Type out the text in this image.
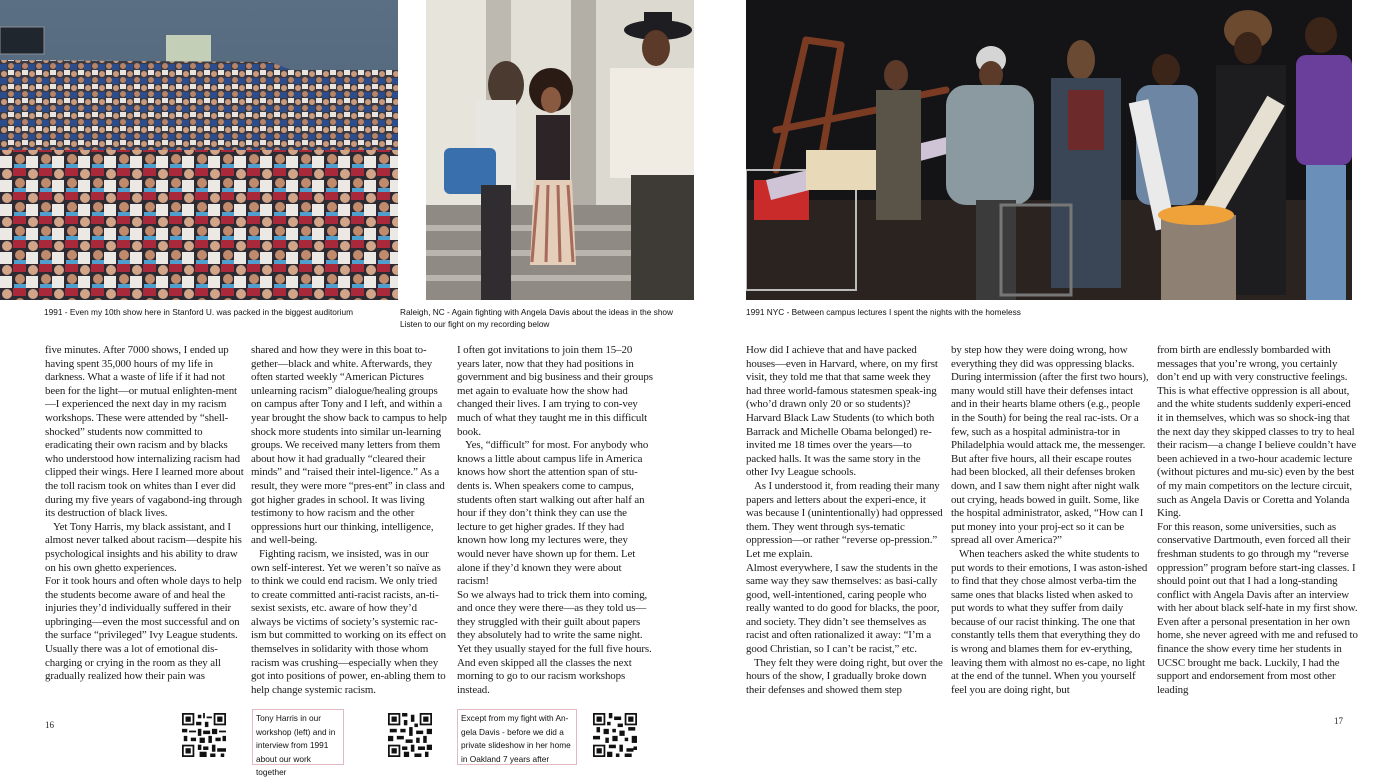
1991 - Even my 10th show here in Stanford U. was packed in the biggest auditorium	Raleigh, NC - Again fighting with Angela Davis about the ideas in the show
Listen to our fight on my recording below
1991 NYC - Between campus lectures I spent the nights with the homeless

five minutes. After 7000 shows, I ended up having spent 35,000 hours of my life in darkness. What a waste of life if it had not been for the light—or mutual enlighten-ment—I experienced the next day in my racism workshops. These were attended by “shell-shocked” students now committed to eradicating their own racism and by blacks who understood how internalizing racism had clipped their wings. Here I learned more about the toll racism took on whites than I ever did during my five years of vagabond-ing through its destruction of black lives.

Yet Tony Harris, my black assistant, and I almost never talked about racism—despite his psychological insights and his ability to draw on his own ghetto experiences.

For it took hours and often whole days to help the students become aware of and heal the injuries they’d individually suffered in their upbringing—even the most successful and on the surface “privileged” Ivy League students.

Usually there was a lot of emotional dis-charging or crying in the room as they all gradually realized how their pain was

shared and how they were in this boat to-gether—black and white. Afterwards, they often started weekly “American Pictures unlearning racism” dialogue/healing groups on campus after Tony and I left, and within a year brought the show back to campus to help shock more students into similar un-learning groups. We received many letters from them about how it had gradually “cleared their minds” and “raised their intel-ligence.” As a result, they were more “pres-ent” in class and got higher grades in school. It was living testimony to how racism and the other oppressions hurt our thinking, intelligence, and well-being.

Fighting racism, we insisted, was in our own self-interest. Yet we weren’t so naïve as to think we could end racism. We only tried to create committed anti-racist racists, an-ti-sexist sexists, etc. aware of how they’d always be victims of society’s systemic rac-ism but committed to working on its effect on themselves in solidarity with those whom racism was crushing—especially when they got into positions of power, en-abling them to help change systemic racism.

I often got invitations to join them 15–20 years later, now that they had positions in government and big business and their groups met again to evaluate how the show had changed their lives. I am trying to con-vey much of what they taught me in this difficult book.

Yes, “difficult” for most. For anybody who knows a little about campus life in America knows how short the attention span of stu-dents is. When speakers come to campus, students often start walking out after half an hour if they don’t think they can use the lecture to get higher grades. If they had known how long my lectures were, they would never have shown up for them. Let alone if they’d known they were about racism!

So we always had to trick them into coming, and once they were there—as they told us—they struggled with their guilt about papers they absolutely had to write the same night. Yet they usually stayed for the full five hours. And even skipped all the classes the next morning to go to our racism workshops instead.

How did I achieve that and have packed houses—even in Harvard, where, on my first visit, they told me that that same week they had three world-famous statesmen speak-ing (who’d drawn only 20 or so students)? Harvard Black Law Students (to which both Barrack and Michelle Obama belonged) re-invited me 18 times over the years—to packed halls. It was the same story in the other Ivy League schools.

As I understood it, from reading their many papers and letters about the experi-ence, it was because I (unintentionally) had oppressed them. They went through sys-tematic oppression—or rather “reverse op-pression.” Let me explain.

Almost everywhere, I saw the students in the same way they saw themselves: as basi-cally good, well-intentioned, caring people who really wanted to do good for blacks, the poor, and society. They didn’t see themselves as racist and often rationalized it away: “I’m a good Christian, so I can’t be racist,” etc.

They felt they were doing right, but over the hours of the show, I gradually broke down their defenses and showed them step

by step how they were doing wrong, how everything they did was oppressing blacks. During intermission (after the first two hours), many would still have their defenses intact and in their hearts blame others (e.g., people in the South) for being the real rac-ists. Or a few, such as a hospital administra-tor in Philadelphia would attack me, the messenger. But after five hours, all their escape routes had been blocked, all their defenses broken down, and I saw them night after night walk out crying, heads bowed in guilt. Some, like the hospital administrator, asked, “How can I put money into your proj-ect so it can be spread all over America?”

When teachers asked the white students to put words to their emotions, I was aston-ished to find that they chose almost verba-tim the same ones that blacks listed when asked to put words to what they suffer from daily because of our racist thinking. The one that constantly tells them that everything they do is wrong and blames them for ev-erything, leaving them with almost no es-cape, no light at the end of the tunnel. When you yourself feel you are doing right, but

from birth are endlessly bombarded with messages that you’re wrong, you certainly don’t end up with very constructive feelings. This is what effective oppression is all about, and the white students suddenly experi-enced it in themselves, which was so shock-ing that the next day they skipped classes to try to heal their racism—a change I believe couldn’t have been achieved in a two-hour academic lecture (without pictures and mu-sic) even by the best of my main competitors on the lecture circuit, such as Angela Davis or Coretta and Yolanda King.

For this reason, some universities, such as conservative Dartmouth, even forced all their freshman students to go through my “reverse oppression” program before start-ing classes. I should point out that I had a long-standing conflict with Angela Davis after an interview with her about black self-hate in my first show. Even after a personal presentation in her own home, she never agreed with me and refused to finance the show every time her students in UCSC brought me back. Luckily, I had the support and endorsement from most other leading

16	17
Tony Harris in our workshop (left) and in interview from 1991 about our work together
Except from my fight with An-gela Davis - before we did a private slideshow in her home in Oakland 7 years after
